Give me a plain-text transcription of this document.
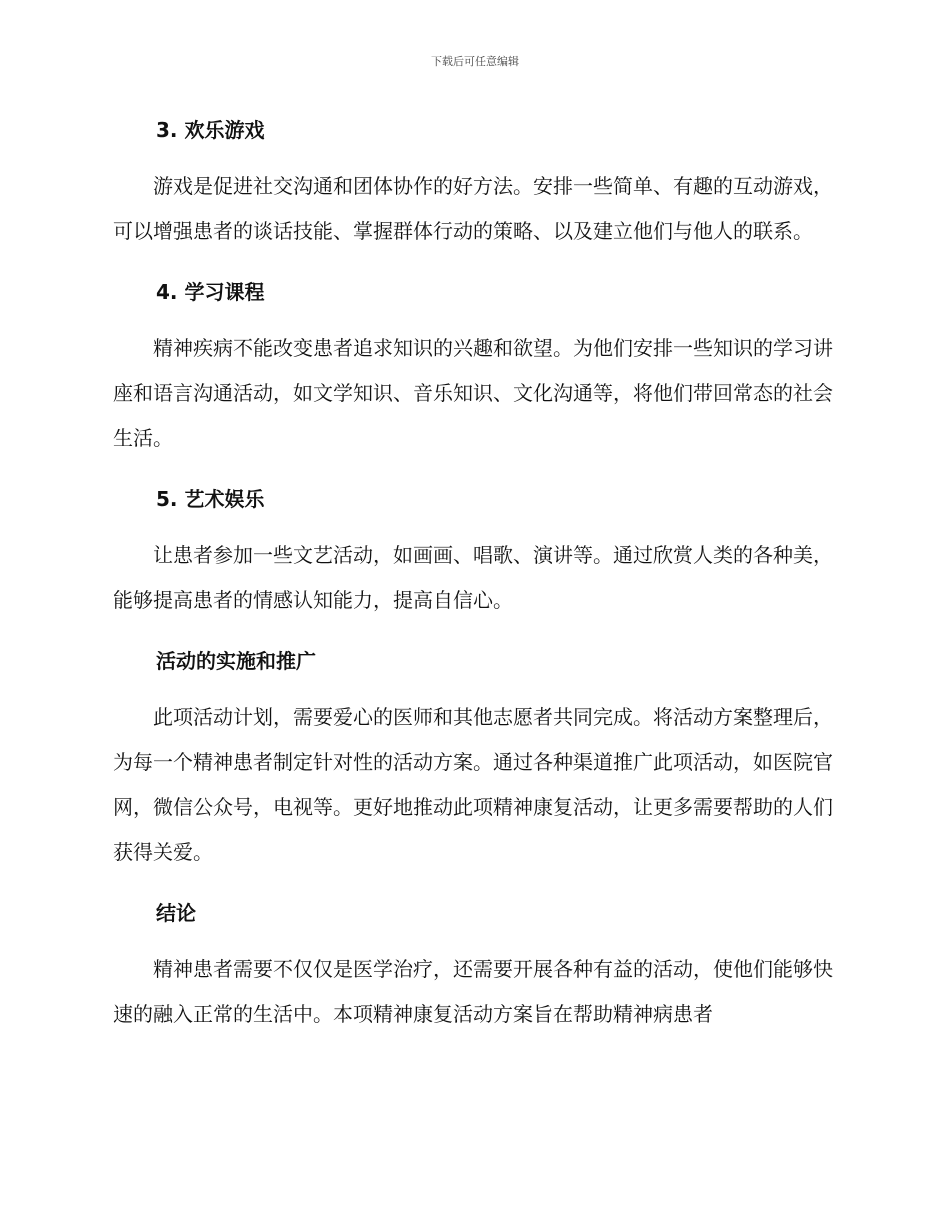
下载后可任意编辑
3. 欢乐游戏

游戏是促进社交沟通和团体协作的好方法。安排一些简单、有趣的互动游戏，可以增强患者的谈话技能、掌握群体行动的策略、以及建立他们与他人的联系。

4. 学习课程

精神疾病不能改变患者追求知识的兴趣和欲望。为他们安排一些知识的学习讲座和语言沟通活动，如文学知识、音乐知识、文化沟通等，将他们带回常态的社会生活。

5. 艺术娱乐

让患者参加一些文艺活动，如画画、唱歌、演讲等。通过欣赏人类的各种美，能够提高患者的情感认知能力，提高自信心。

活动的实施和推广

此项活动计划，需要爱心的医师和其他志愿者共同完成。将活动方案整理后，为每一个精神患者制定针对性的活动方案。通过各种渠道推广此项活动，如医院官网，微信公众号，电视等。更好地推动此项精神康复活动，让更多需要帮助的人们获得关爱。

结论

精神患者需要不仅仅是医学治疗，还需要开展各种有益的活动，使他们能够快速的融入正常的生活中。本项精神康复活动方案旨在帮助精神病患者
